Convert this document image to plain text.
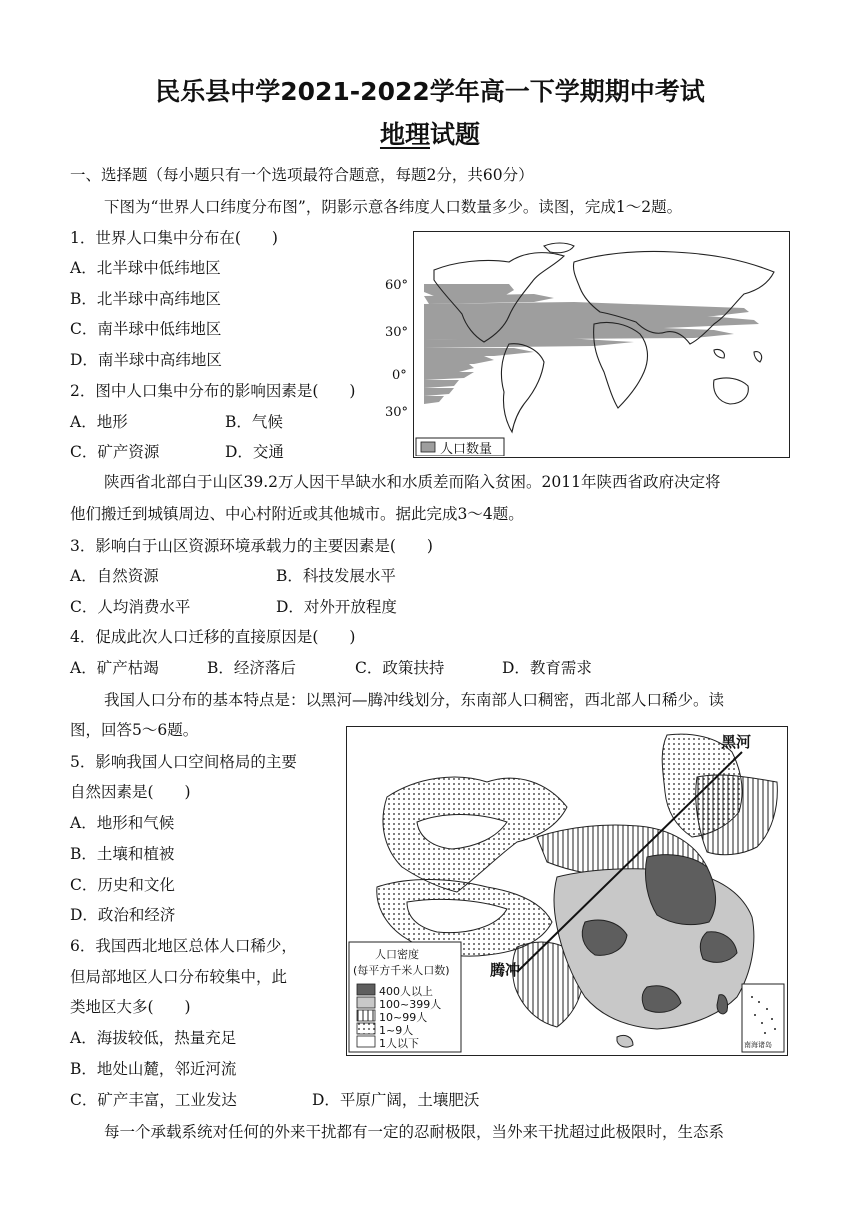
民乐县中学2021-2022学年高一下学期期中考试
地理试题
一、选择题（每小题只有一个选项最符合题意，每题2分，共60分）
下图为“世界人口纬度分布图”，阴影示意各纬度人口数量多少。读图，完成1～2题。
1．世界人口集中分布在(　　)
A．北半球中低纬地区
B．北半球中高纬地区
C．南半球中低纬地区
D．南半球中高纬地区
2．图中人口集中分布的影响因素是(　　)
A．地形	B．气候
C．矿产资源	D．交通
60°
30°
0°
30°
人口数量
陕西省北部白于山区39.2万人因干旱缺水和水质差而陷入贫困。2011年陕西省政府决定将
他们搬迁到城镇周边、中心村附近或其他城市。据此完成3～4题。
3．影响白于山区资源环境承载力的主要因素是(　　)
A．自然资源	B．科技发展水平
C．人均消费水平	D．对外开放程度
4．促成此次人口迁移的直接原因是(　　)
A．矿产枯竭	B．经济落后	C．政策扶持	D．教育需求
我国人口分布的基本特点是：以黑河—腾冲线划分，东南部人口稠密，西北部人口稀少。读
图，回答5～6题。
5．影响我国人口空间格局的主要
自然因素是(　　)
A．地形和气候
B．土壤和植被
C．历史和文化
D．政治和经济
6．我国西北地区总体人口稀少，
但局部地区人口分布较集中，此
类地区大多(　　)
A．海拔较低，热量充足
B．地处山麓，邻近河流
C．矿产丰富，工业发达	D．平原广阔，土壤肥沃
黑河
腾冲
人口密度
(每平方千米人口数)
400人以上
100~399人
10~99人
1~9人
1人以下	南海诸岛
每一个承载系统对任何的外来干扰都有一定的忍耐极限，当外来干扰超过此极限时，生态系
